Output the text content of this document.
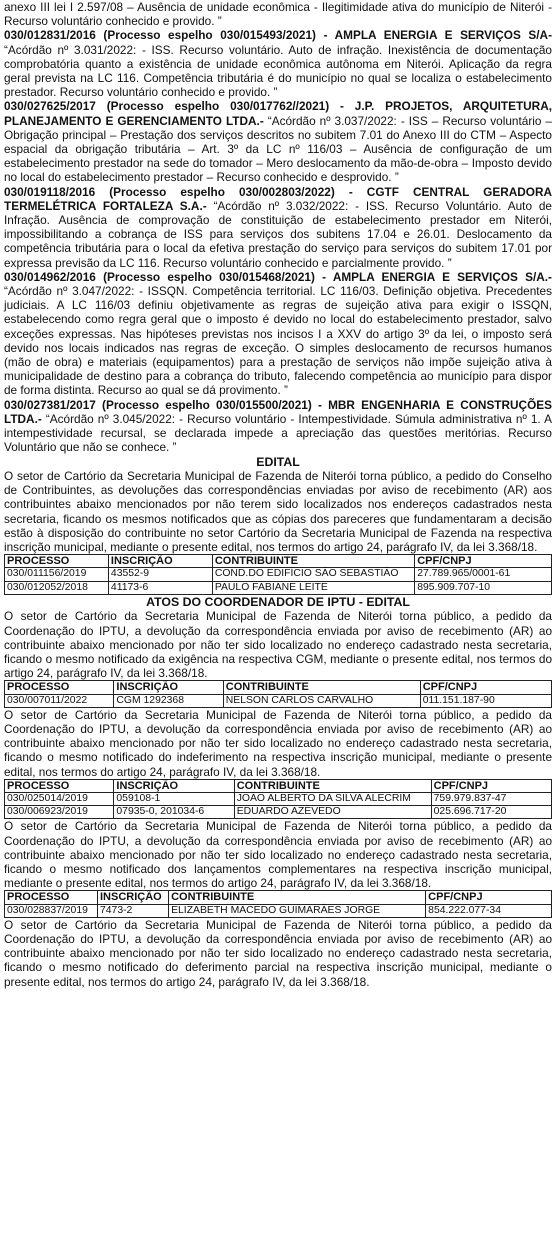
anexo III lei I 2.597/08 – Ausência de unidade econômica - Ilegitimidade ativa do município de Niterói - Recurso voluntário conhecido e provido. ”

030/012831/2016 (Processo espelho 030/015493/2021) - AMPLA ENERGIA E SERVIÇOS S/A- “Acórdão nº 3.031/2022: - ISS. Recurso voluntário. Auto de infração. Inexistência de documentação comprobatória quanto a existência de unidade econômica autônoma em Niterói. Aplicação da regra geral prevista na LC 116. Competência tributária é do município no qual se localiza o estabelecimento prestador. Recurso voluntário conhecido e provido. ”

030/027625/2017 (Processo espelho 030/017762//2021) - J.P. PROJETOS, ARQUITETURA, PLANEJAMENTO E GERENCIAMENTO LTDA.- “Acórdão nº 3.037/2022: - ISS – Recurso voluntário – Obrigação principal – Prestação dos serviços descritos no subitem 7.01 do Anexo III do CTM – Aspecto espacial da obrigação tributária – Art. 3º da LC nº 116/03 – Ausência de configuração de um estabelecimento prestador na sede do tomador – Mero deslocamento da mão-de-obra – Imposto devido no local do estabelecimento prestador – Recurso conhecido e desprovido. ”

030/019118/2016 (Processo espelho 030/002803/2022) - CGTF CENTRAL GERADORA TERMELÉTRICA FORTALEZA S.A.- “Acórdão nº 3.032/2022: - ISS. Recurso Voluntário. Auto de Infração. Ausência de comprovação de constituição de estabelecimento prestador em Niterói, impossibilitando a cobrança de ISS para serviços dos subitens 17.04 e 26.01. Deslocamento da competência tributária para o local da efetiva prestação do serviço para serviços do subitem 17.01 por expressa previsão da LC 116. Recurso voluntário conhecido e parcialmente provido. ”

030/014962/2016 (Processo espelho 030/015468/2021) - AMPLA ENERGIA E SERVIÇOS S/A.- “Acórdão nº 3.047/2022: - ISSQN. Competência territorial. LC 116/03. Definição objetiva. Precedentes judiciais. A LC 116/03 definiu objetivamente as regras de sujeição ativa para exigir o ISSQN, estabelecendo como regra geral que o imposto é devido no local do estabelecimento prestador, salvo exceções expressas. Nas hipóteses previstas nos incisos I a XXV do artigo 3º da lei, o imposto será devido nos locais indicados nas regras de exceção. O simples deslocamento de recursos humanos (mão de obra) e materiais (equipamentos) para a prestação de serviços não impõe sujeição ativa à municipalidade de destino para a cobrança do tributo, falecendo competência ao município para dispor de forma distinta. Recurso ao qual se dá provimento. ”

030/027381/2017 (Processo espelho 030/015500/2021) - MBR ENGENHARIA E CONSTRUÇÕES LTDA.- “Acórdão nº 3.045/2022: - Recurso voluntário - Intempestividade. Súmula administrativa nº 1. A intempestividade recursal, se declarada impede a apreciação das questões meritórias. Recurso Voluntário que não se conhece. ”

EDITAL

O setor de Cartório da Secretaria Municipal de Fazenda de Niterói torna público, a pedido do Conselho de Contribuintes, as devoluções das correspondências enviadas por aviso de recebimento (AR) aos contribuintes abaixo mencionados por não terem sido localizados nos endereços cadastrados nesta secretaria, ficando os mesmos notificados que as cópias dos pareceres que fundamentaram a decisão estão à disposição do contribuinte no setor Cartório da Secretaria Municipal de Fazenda na respectiva inscrição municipal, mediante o presente edital, nos termos do artigo 24, parágrafo IV, da lei 3.368/18.

PROCESSO	INSCRIÇÃO	CONTRIBUINTE	CPF/CNPJ
030/011156/2019	43552-9	COND.DO EDIFÍCIO SÃO SEBASTIÃO	27.789.965/0001-61
030/012052/2018	41173-6	PAULO FABIANE LEITE	895.909.707-10
ATOS DO COORDENADOR DE IPTU - EDITAL

O setor de Cartório da Secretaria Municipal de Fazenda de Niterói torna público, a pedido da Coordenação do IPTU, a devolução da correspondência enviada por aviso de recebimento (AR) ao contribuinte abaixo mencionado por não ter sido localizado no endereço cadastrado nesta secretaria, ficando o mesmo notificado da exigência na respectiva CGM, mediante o presente edital, nos termos do artigo 24, parágrafo IV, da lei 3.368/18.

PROCESSO	INSCRIÇÃO	CONTRIBUINTE	CPF/CNPJ
030/007011/2022	CGM 1292368	NELSON CARLOS CARVALHO	011.151.187-90

O setor de Cartório da Secretaria Municipal de Fazenda de Niterói torna público, a pedido da Coordenação do IPTU, a devolução da correspondência enviada por aviso de recebimento (AR) ao contribuinte abaixo mencionado por não ter sido localizado no endereço cadastrado nesta secretaria, ficando o mesmo notificado do indeferimento na respectiva inscrição municipal, mediante o presente edital, nos termos do artigo 24, parágrafo IV, da lei 3.368/18.

PROCESSO	INSCRIÇÃO	CONTRIBUINTE	CPF/CNPJ
030/025014/2019	059108-1	JOÃO ALBERTO DA SILVA ALECRIM	759.979.837-47
030/006923/2019	07935-0, 201034-6	EDUARDO AZEVEDO	025.696.717-20

O setor de Cartório da Secretaria Municipal de Fazenda de Niterói torna público, a pedido da Coordenação do IPTU, a devolução da correspondência enviada por aviso de recebimento (AR) ao contribuinte abaixo mencionado por não ter sido localizado no endereço cadastrado nesta secretaria, ficando o mesmo notificado dos lançamentos complementares na respectiva inscrição municipal, mediante o presente edital, nos termos do artigo 24, parágrafo IV, da lei 3.368/18.

PROCESSO	INSCRIÇÃO	CONTRIBUINTE	CPF/CNPJ
030/028837/2019	7473-2	ELIZABETH MACEDO GUIMARÃES JORGE	854.222.077-34

O setor de Cartório da Secretaria Municipal de Fazenda de Niterói torna público, a pedido da Coordenação do IPTU, a devolução da correspondência enviada por aviso de recebimento (AR) ao contribuinte abaixo mencionado por não ter sido localizado no endereço cadastrado nesta secretaria, ficando o mesmo notificado do deferimento parcial na respectiva inscrição municipal, mediante o presente edital, nos termos do artigo 24, parágrafo IV, da lei 3.368/18.
